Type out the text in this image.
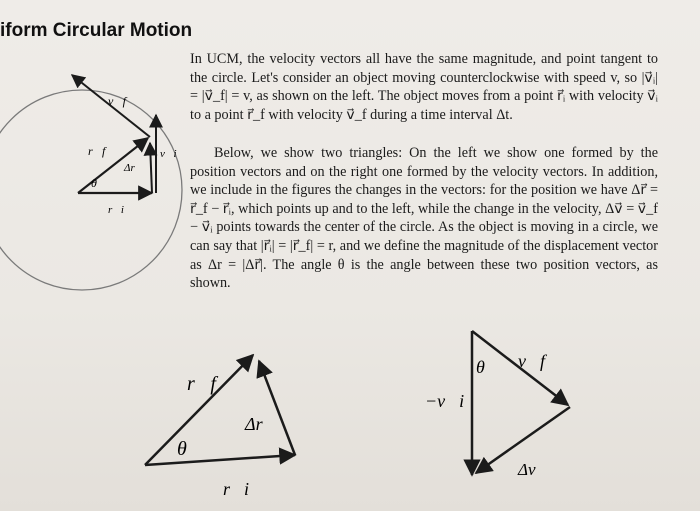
iform Circular Motion

In UCM, the velocity vectors all have the same magnitude, and point tangent to the circle. Let's consider an object moving counterclockwise with speed v, so |v⃗ᵢ| = |v⃗_f| = v, as shown on the left. The object moves from a point r⃗ᵢ with velocity v⃗ᵢ to a point r⃗_f with velocity v⃗_f during a time interval Δt.

Below, we show two triangles: On the left we show one formed by the position vectors and on the right one formed by the velocity vectors. In addition, we include in the figures the changes in the vectors: for the position we have Δr⃗ = r⃗_f − r⃗ᵢ, which points up and to the left, while the change in the velocity, Δv⃗ = v⃗_f − v⃗ᵢ points towards the center of the circle. As the object is moving in a circle, we can say that |r⃗ᵢ| = |r⃗_f| = r, and we define the magnitude of the displacement vector as Δr = |Δr⃗|. The angle θ is the angle between these two position vectors, as shown.

v⃗f
r⃗f
Δr⃗
v⃗i
θ
r⃗i
r⃗f
Δr⃗
θ
r⃗i
θ v⃗f
−v⃗i
Δv⃗
